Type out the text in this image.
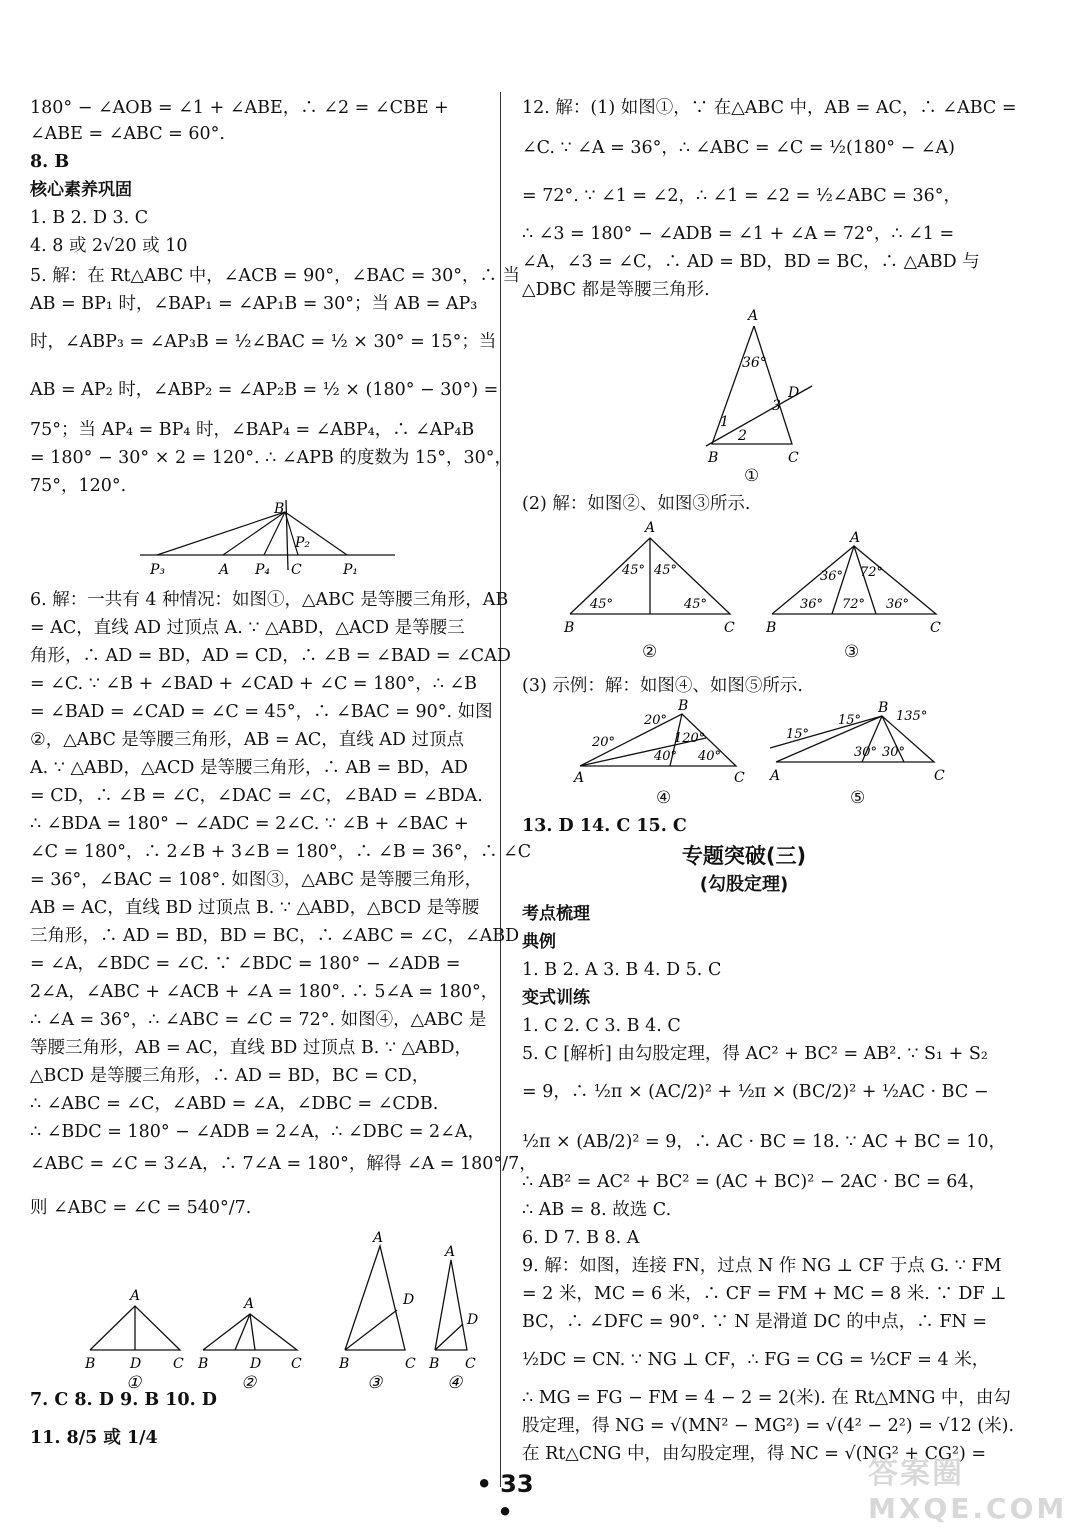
180° − ∠AOB = ∠1 + ∠ABE，∴ ∠2 = ∠CBE +
∠ABE = ∠ABC = 60°.
8. B
核心素养巩固
1. B 2. D 3. C
4. 8 或 2√20 或 10
5. 解：在 Rt△ABC 中，∠ACB = 90°，∠BAC = 30°，∴ 当
AB = BP₁ 时，∠BAP₁ = ∠AP₁B = 30°；当 AB = AP₃
时，∠ABP₃ = ∠AP₃B = ½∠BAC = ½ × 30° = 15°；当
AB = AP₂ 时，∠ABP₂ = ∠AP₂B = ½ × (180° − 30°) =
75°；当 AP₄ = BP₄ 时，∠BAP₄ = ∠ABP₄，∴ ∠AP₄B
= 180° − 30° × 2 = 120°. ∴ ∠APB 的度数为 15°，30°，
75°，120°.
B
P₃	A P₄ C
P₂
P₁
6. 解：一共有 4 种情况：如图①，△ABC 是等腰三角形，AB
= AC，直线 AD 过顶点 A. ∵ △ABD，△ACD 是等腰三
角形，∴ AD = BD，AD = CD，∴ ∠B = ∠BAD = ∠CAD
= ∠C. ∵ ∠B + ∠BAD + ∠CAD + ∠C = 180°，∴ ∠B
= ∠BAD = ∠CAD = ∠C = 45°，∴ ∠BAC = 90°. 如图
②，△ABC 是等腰三角形，AB = AC，直线 AD 过顶点
A. ∵ △ABD，△ACD 是等腰三角形，∴ AB = BD，AD
= CD，∴ ∠B = ∠C，∠DAC = ∠C，∠BAD = ∠BDA.
∴ ∠BDA = 180° − ∠ADC = 2∠C. ∵ ∠B + ∠BAC +
∠C = 180°，∴ 2∠B + 3∠B = 180°，∴ ∠B = 36°，∴ ∠C
= 36°，∠BAC = 108°. 如图③，△ABC 是等腰三角形，
AB = AC，直线 BD 过顶点 B. ∵ △ABD，△BCD 是等腰
三角形，∴ AD = BD，BD = BC，∴ ∠ABC = ∠C，∠ABD
= ∠A，∠BDC = ∠C. ∵ ∠BDC = 180° − ∠ADB =
2∠A，∠ABC + ∠ACB + ∠A = 180°. ∴ 5∠A = 180°，
∴ ∠A = 36°，∴ ∠ABC = ∠C = 72°. 如图④，△ABC 是
等腰三角形，AB = AC，直线 BD 过顶点 B. ∵ △ABD，
△BCD 是等腰三角形，∴ AD = BD，BC = CD，
∴ ∠ABC = ∠C，∠ABD = ∠A，∠DBC = ∠CDB.
∴ ∠BDC = 180° − ∠ADB = 2∠A，∴ ∠DBC = 2∠A，
∠ABC = ∠C = 3∠A，∴ 7∠A = 180°，解得 ∠A = 180°/7，
则 ∠ABC = ∠C = 540°/7.
A
B D C
①
A
B	D C
②
A
B
D
C
③
A
B
D
C
④
7. C 8. D 9. B 10. D
11. 8/5 或 1/4
12. 解：(1) 如图①，∵ 在△ABC 中，AB = AC，∴ ∠ABC =
∠C. ∵ ∠A = 36°，∴ ∠ABC = ∠C = ½(180° − ∠A)
= 72°. ∵ ∠1 = ∠2，∴ ∠1 = ∠2 = ½∠ABC = 36°，
∴ ∠3 = 180° − ∠ADB = ∠1 + ∠A = 72°，∴ ∠1 =
∠A，∠3 = ∠C，∴ AD = BD，BD = BC，∴ △ABD 与
△DBC 都是等腰三角形.
A
36°
D
3
1
2
B	C
①
(2) 解：如图②、如图③所示.
A
45° 45°
45°	45°
B	C
②
A
36° 72°
36° 72° 36°
B	C
③
(3) 示例：解：如图④、如图⑤所示.
B
20°
20°	120°
40° 40°
A	C
④
B
15°
15°	135°
30° 30°
A	C
⑤
13. D 14. C 15. C
专题突破(三)
(勾股定理)
考点梳理
典例
1. B 2. A 3. B 4. D 5. C
变式训练
1. C 2. C 3. B 4. C
5. C [解析] 由勾股定理，得 AC² + BC² = AB². ∵ S₁ + S₂
= 9，∴ ½π × (AC/2)² + ½π × (BC/2)² + ½AC · BC −
½π × (AB/2)² = 9，∴ AC · BC = 18. ∵ AC + BC = 10，
∴ AB² = AC² + BC² = (AC + BC)² − 2AC · BC = 64，
∴ AB = 8. 故选 C.
6. D 7. B 8. A
9. 解：如图，连接 FN，过点 N 作 NG ⊥ CF 于点 G. ∵ FM
= 2 米，MC = 6 米，∴ CF = FM + MC = 8 米. ∵ DF ⊥
BC，∴ ∠DFC = 90°. ∵ N 是滑道 DC 的中点，∴ FN =
½DC = CN. ∵ NG ⊥ CF，∴ FG = CG = ½CF = 4 米，
∴ MG = FG − FM = 4 − 2 = 2(米). 在 Rt△MNG 中，由勾
股定理，得 NG = √(MN² − MG²) = √(4² − 2²) = √12 (米).
在 Rt△CNG 中，由勾股定理，得 NC = √(NG² + CG²) =
• 33 •
答案圈
MXQE.COM
